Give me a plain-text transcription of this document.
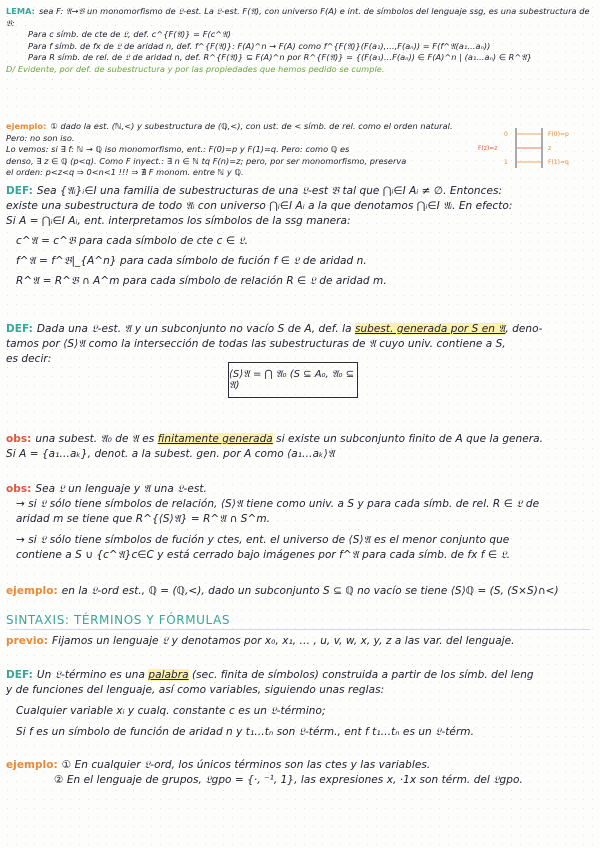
LEMA: sea F: 𝔄→𝔅 un monomorfismo de 𝔏-est. La 𝔏-est. F(𝔄), con universo F(A) e int. de símbolos del lenguaje ssg, es una subestructura de 𝔅:
Para c símb. de cte de 𝔏, def. c^{F(𝔄)} = F(c^𝔄)
Para f símb. de fx de 𝔏 de aridad n, def. f^{F(𝔄)}: F(A)^n → F(A) como f^{F(𝔄)}(F(a₁),…,F(aₙ)) = F(f^𝔄(a₁…aₙ))
Para R símb. de rel. de 𝔏 de aridad n, def. R^{F(𝔄)} ⊆ F(A)^n por R^{F(𝔄)} = {(F(a₁)…F(aₙ)) ∈ F(A)^n | (a₁…aₙ) ∈ R^𝔄}
D/ Evidente, por def. de subestructura y por las propiedades que hemos pedido se cumple.
ejemplo: ① dado la est. (ℕ,<) y subestructura de (ℚ,<), con ust. de < símb. de rel. como el orden natural. Pero: no son iso.
Lo vemos: si ∃ f: ℕ → ℚ iso monomorfismo, ent.: F(0)=p y F(1)=q. Pero: como ℚ es
denso, ∃ z ∈ ℚ (p<q). Como F inyect.: ∃ n ∈ ℕ tq F(n)=z; pero, por ser monomorfismo, preserva
el orden: p<z<q ⇒ 0<n<1 !!! ⇒ ∄ F monom. entre ℕ y ℚ.
0
F(z)=z
1
F(0)=p
z
F(1)=q
DEF: Sea {𝔄ᵢ}ᵢ∈I una familia de subestructuras de una 𝔏-est 𝔅 tal que ⋂ᵢ∈I Aᵢ ≠ ∅. Entonces:
existe una subestructura de todo 𝔄ᵢ con universo ⋂ᵢ∈I Aᵢ a la que denotamos ⋂ᵢ∈I 𝔄ᵢ. En efecto:
Si A = ⋂ᵢ∈I Aᵢ, ent. interpretamos los símbolos de la ssg manera:
c^𝔄 = c^𝔅 para cada símbolo de cte c ∈ 𝔏.
f^𝔄 = f^𝔅|_{A^n} para cada símbolo de fución f ∈ 𝔏 de aridad n.
R^𝔄 = R^𝔅 ∩ A^m para cada símbolo de relación R ∈ 𝔏 de aridad m.
DEF: Dada una 𝔏-est. 𝔄 y un subconjunto no vacío S de A, def. la subest. generada por S en 𝔄, deno-
tamos por ⟨S⟩𝔄 como la intersección de todas las subestructuras de 𝔄 cuyo univ. contiene a S,
es decir:
⟨S⟩𝔄 = ⋂ 𝔄₀ (S ⊆ A₀, 𝔄₀ ⊆ 𝔄)
obs: una subest. 𝔄₀ de 𝔄 es finitamente generada si existe un subconjunto finito de A que la genera.
Si A = {a₁…aₖ}, denot. a la subest. gen. por A como ⟨a₁…aₖ⟩𝔄
obs: Sea 𝔏 un lenguaje y 𝔄 una 𝔏-est.
→ si 𝔏 sólo tiene símbolos de relación, ⟨S⟩𝔄 tiene como univ. a S y para cada símb. de rel. R ∈ 𝔏 de
aridad m se tiene que R^{⟨S⟩𝔄} = R^𝔄 ∩ S^m.
→ si 𝔏 sólo tiene símbolos de fución y ctes, ent. el universo de ⟨S⟩𝔄 es el menor conjunto que
contiene a S ∪ {c^𝔄}c∈C y está cerrado bajo imágenes por f^𝔄 para cada símb. de fx f ∈ 𝔏.
ejemplo: en la 𝔏-ord est., ℚ = (ℚ,<), dado un subconjunto S ⊆ ℚ no vacío se tiene ⟨S⟩ℚ = (S, (S×S)∩<)
SINTAXIS: TÉRMINOS Y FÓRMULAS
previo: Fijamos un lenguaje 𝔏 y denotamos por x₀, x₁, … , u, v, w, x, y, z a las var. del lenguaje.
DEF: Un 𝔏-término es una palabra (sec. finita de símbolos) construida a partir de los símb. del leng
y de funciones del lenguaje, así como variables, siguiendo unas reglas:
Cualquier variable xᵢ y cualq. constante c es un 𝔏-término;
Si f es un símbolo de función de aridad n y t₁…tₙ son 𝔏-térm., ent f t₁…tₙ es un 𝔏-térm.
ejemplo: ① En cualquier 𝔏-ord, los únicos términos son las ctes y las variables.
② En el lenguaje de grupos, 𝔏gpo = {·, ⁻¹, 1}, las expresiones x, ·1x son térm. del 𝔏gpo.
